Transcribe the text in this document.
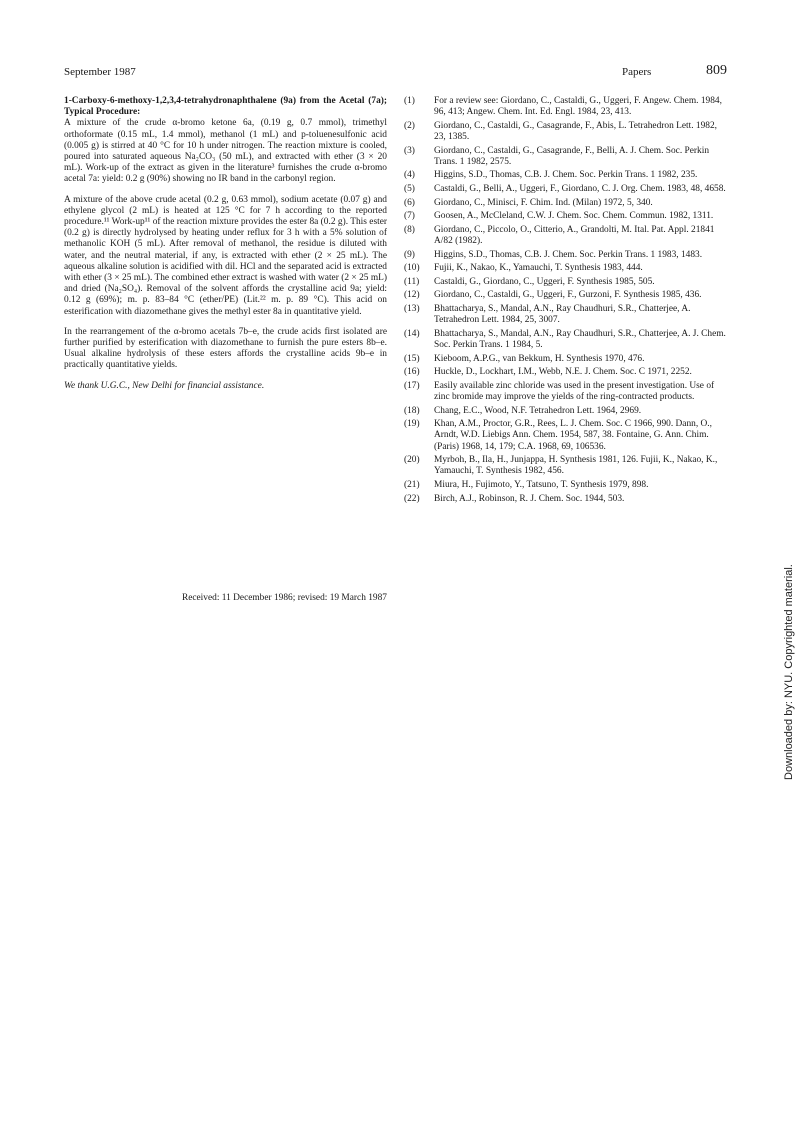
September 1987	Papers	809

1-Carboxy-6-methoxy-1,2,3,4-tetrahydronaphthalene (9a) from the Acetal (7a); Typical Procedure:

A mixture of the crude α-bromo ketone 6a, (0.19 g, 0.7 mmol), trimethyl orthoformate (0.15 mL, 1.4 mmol), methanol (1 mL) and p-toluenesulfonic acid (0.005 g) is stirred at 40 °C for 10 h under nitrogen. The reaction mixture is cooled, poured into saturated aqueous Na₂CO₃ (50 mL), and extracted with ether (3 × 20 mL). Work-up of the extract as given in the literature³ furnishes the crude α-bromo acetal 7a: yield: 0.2 g (90%) showing no IR band in the carbonyl region.

A mixture of the above crude acetal (0.2 g, 0.63 mmol), sodium acetate (0.07 g) and ethylene glycol (2 mL) is heated at 125 °C for 7 h according to the reported procedure.¹¹ Work-up¹¹ of the reaction mixture provides the ester 8a (0.2 g). This ester (0.2 g) is directly hydrolysed by heating under reflux for 3 h with a 5% solution of methanolic KOH (5 mL). After removal of methanol, the residue is diluted with water, and the neutral material, if any, is extracted with ether (2 × 25 mL). The aqueous alkaline solution is acidified with dil. HCl and the separated acid is extracted with ether (3 × 25 mL). The combined ether extract is washed with water (2 × 25 mL) and dried (Na₂SO₄). Removal of the solvent affords the crystalline acid 9a; yield: 0.12 g (69%); m. p. 83–84 °C (ether/PE) (Lit.²² m. p. 89 °C). This acid on esterification with diazomethane gives the methyl ester 8a in quantitative yield.

In the rearrangement of the α-bromo acetals 7b–e, the crude acids first isolated are further purified by esterification with diazomethane to furnish the pure esters 8b–e. Usual alkaline hydrolysis of these esters affords the crystalline acids 9b–e in practically quantitative yields.

We thank U.G.C., New Delhi for financial assistance.

Received: 11 December 1986; revised: 19 March 1987
(1)	For a review see: Giordano, C., Castaldi, G., Uggeri, F. Angew. Chem. 1984, 96, 413; Angew. Chem. Int. Ed. Engl. 1984, 23, 413.
(2)	Giordano, C., Castaldi, G., Casagrande, F., Abis, L. Tetrahedron Lett. 1982, 23, 1385.
(3)	Giordano, C., Castaldi, G., Casagrande, F., Belli, A. J. Chem. Soc. Perkin Trans. 1 1982, 2575.
(4)	Higgins, S.D., Thomas, C.B. J. Chem. Soc. Perkin Trans. 1 1982, 235.
(5)	Castaldi, G., Belli, A., Uggeri, F., Giordano, C. J. Org. Chem. 1983, 48, 4658.
(6)	Giordano, C., Minisci, F. Chim. Ind. (Milan) 1972, 5, 340.
(7)	Goosen, A., McCleland, C.W. J. Chem. Soc. Chem. Commun. 1982, 1311.
(8)	Giordano, C., Piccolo, O., Citterio, A., Grandolti, M. Ital. Pat. Appl. 21841 A/82 (1982).
(9)	Higgins, S.D., Thomas, C.B. J. Chem. Soc. Perkin Trans. 1 1983, 1483.
(10)	Fujii, K., Nakao, K., Yamauchi, T. Synthesis 1983, 444.
(11)	Castaldi, G., Giordano, C., Uggeri, F. Synthesis 1985, 505.
(12)	Giordano, C., Castaldi, G., Uggeri, F., Gurzoni, F. Synthesis 1985, 436.
(13)	Bhattacharya, S., Mandal, A.N., Ray Chaudhuri, S.R., Chatterjee, A. Tetrahedron Lett. 1984, 25, 3007.
(14)	Bhattacharya, S., Mandal, A.N., Ray Chaudhuri, S.R., Chatterjee, A. J. Chem. Soc. Perkin Trans. 1 1984, 5.
(15)	Kieboom, A.P.G., van Bekkum, H. Synthesis 1970, 476.
(16)	Huckle, D., Lockhart, I.M., Webb, N.E. J. Chem. Soc. C 1971, 2252.
(17)	Easily available zinc chloride was used in the present investigation. Use of zinc bromide may improve the yields of the ring-contracted products.
(18)	Chang, E.C., Wood, N.F. Tetrahedron Lett. 1964, 2969.
(19)	Khan, A.M., Proctor, G.R., Rees, L. J. Chem. Soc. C 1966, 990. Dann, O., Arndt, W.D. Liebigs Ann. Chem. 1954, 587, 38. Fontaine, G. Ann. Chim. (Paris) 1968, 14, 179; C.A. 1968, 69, 106536.
(20)	Myrboh, B., Ila, H., Junjappa, H. Synthesis 1981, 126. Fujii, K., Nakao, K., Yamauchi, T. Synthesis 1982, 456.
(21)	Miura, H., Fujimoto, Y., Tatsuno, T. Synthesis 1979, 898.
(22)	Birch, A.J., Robinson, R. J. Chem. Soc. 1944, 503.
Downloaded by: NYU. Copyrighted material.
